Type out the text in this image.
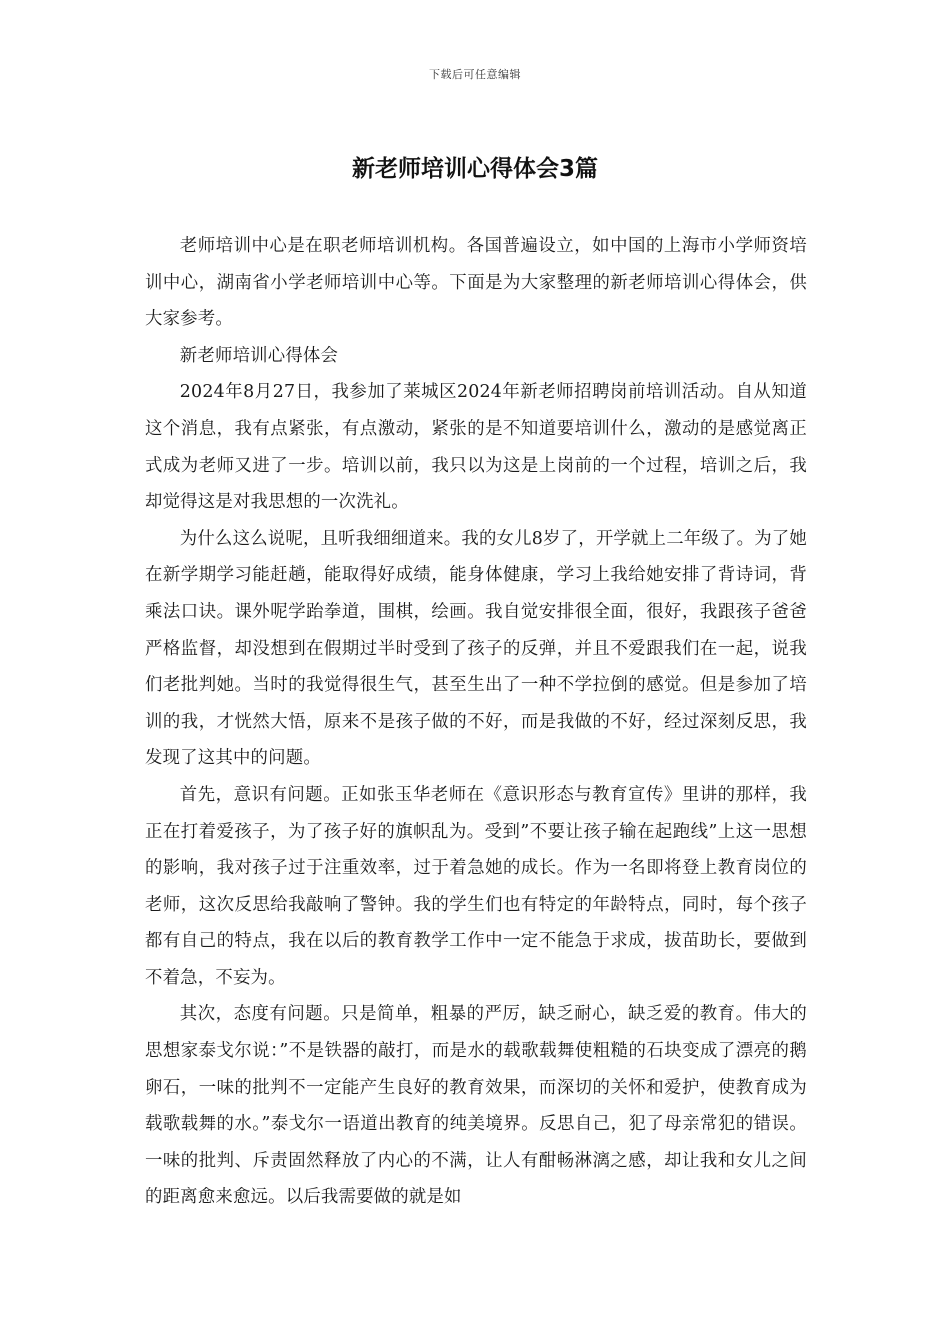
下载后可任意编辑
新老师培训心得体会3篇

老师培训中心是在职老师培训机构。各国普遍设立，如中国的上海市小学师资培训中心，湖南省小学老师培训中心等。下面是为大家整理的新老师培训心得体会，供大家参考。

新老师培训心得体会

2024年8月27日，我参加了莱城区2024年新老师招聘岗前培训活动。自从知道这个消息，我有点紧张，有点激动，紧张的是不知道要培训什么，激动的是感觉离正式成为老师又进了一步。培训以前，我只以为这是上岗前的一个过程，培训之后，我却觉得这是对我思想的一次洗礼。

为什么这么说呢，且听我细细道来。我的女儿8岁了，开学就上二年级了。为了她在新学期学习能赶趟，能取得好成绩，能身体健康，学习上我给她安排了背诗词，背乘法口诀。课外呢学跆拳道，围棋，绘画。我自觉安排很全面，很好，我跟孩子爸爸严格监督，却没想到在假期过半时受到了孩子的反弹，并且不爱跟我们在一起，说我们老批判她。当时的我觉得很生气，甚至生出了一种不学拉倒的感觉。但是参加了培训的我，才恍然大悟，原来不是孩子做的不好，而是我做的不好，经过深刻反思，我发现了这其中的问题。

首先，意识有问题。正如张玉华老师在《意识形态与教育宣传》里讲的那样，我正在打着爱孩子，为了孩子好的旗帜乱为。受到”不要让孩子输在起跑线”上这一思想的影响，我对孩子过于注重效率，过于着急她的成长。作为一名即将登上教育岗位的老师，这次反思给我敲响了警钟。我的学生们也有特定的年龄特点，同时，每个孩子都有自己的特点，我在以后的教育教学工作中一定不能急于求成，拔苗助长，要做到不着急，不妄为。

其次，态度有问题。只是简单，粗暴的严厉，缺乏耐心，缺乏爱的教育。伟大的思想家泰戈尔说：”不是铁器的敲打，而是水的载歌载舞使粗糙的石块变成了漂亮的鹅卵石，一味的批判不一定能产生良好的教育效果，而深切的关怀和爱护，使教育成为载歌载舞的水。”泰戈尔一语道出教育的纯美境界。反思自己，犯了母亲常犯的错误。一味的批判、斥责固然释放了内心的不满，让人有酣畅淋漓之感，却让我和女儿之间的距离愈来愈远。以后我需要做的就是如
